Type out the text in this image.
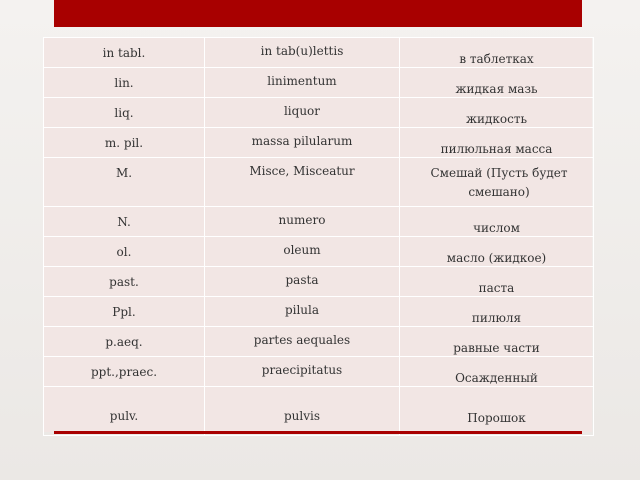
in tabl.	in tab(u)lettis	в таблетках

lin.	linimentum	жидкая мазь

liq.	liquor	жидкость

m. pil.	massa pilularum	пилюльная масса

M.	Misce, Misceatur	Смешай (Пусть будет смешано)

N.	numero	числом

ol.	oleum	масло (жидкое)

past.	pasta	паста

Ppl.	pilula	пилюля

p.aeq.	partes aequales	равные части

ppt.,praec.	praecipitatus	Осажденный

pulv.	pulvis	Порошок
